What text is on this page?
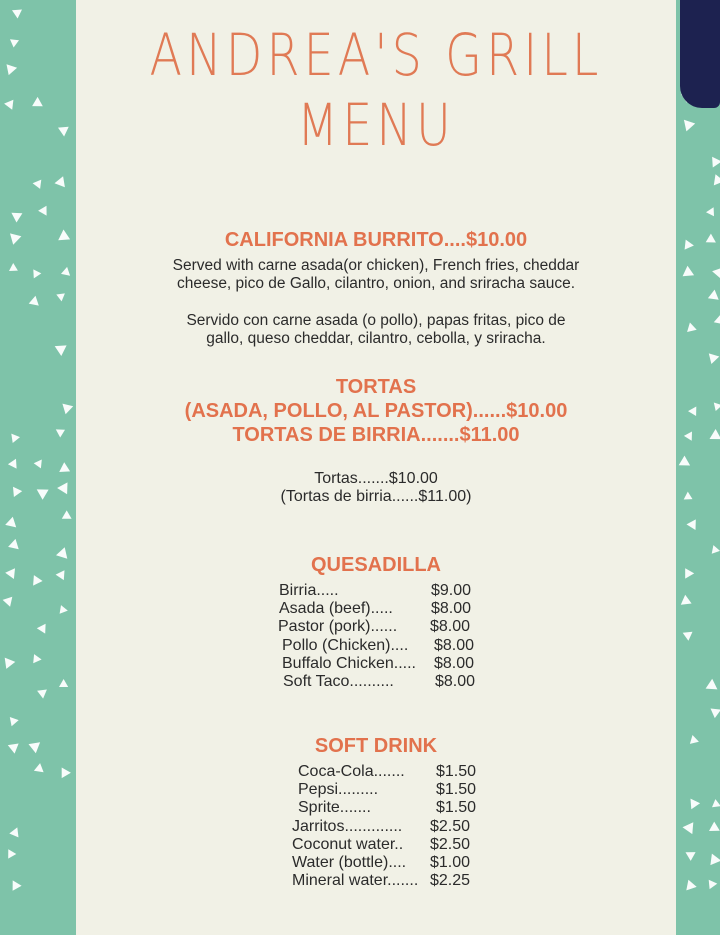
ANDREA'S GRILL
MENU
CALIFORNIA BURRITO....$10.00
Served with carne asada(or chicken), French fries, cheddar
cheese, pico de Gallo, cilantro, onion, and sriracha sauce.
Servido con carne asada (o pollo), papas fritas, pico de
gallo, queso cheddar, cilantro, cebolla, y sriracha.
TORTAS
(ASADA, POLLO, AL PASTOR)......$10.00
TORTAS DE BIRRIA.......$11.00
Tortas.......$10.00
(Tortas de birria......$11.00)
QUESADILLA
Birria.....	$9.00
Asada (beef).....	$8.00
Pastor (pork)......	$8.00
Pollo (Chicken)....	$8.00
Buffalo Chicken.....	$8.00
Soft Taco..........	$8.00
SOFT DRINK
Coca-Cola.......	$1.50
Pepsi.........	$1.50
Sprite.......	$1.50
Jarritos.............	$2.50
Coconut water..	$2.50
Water (bottle)....	$1.00
Mineral water....... $2.25
